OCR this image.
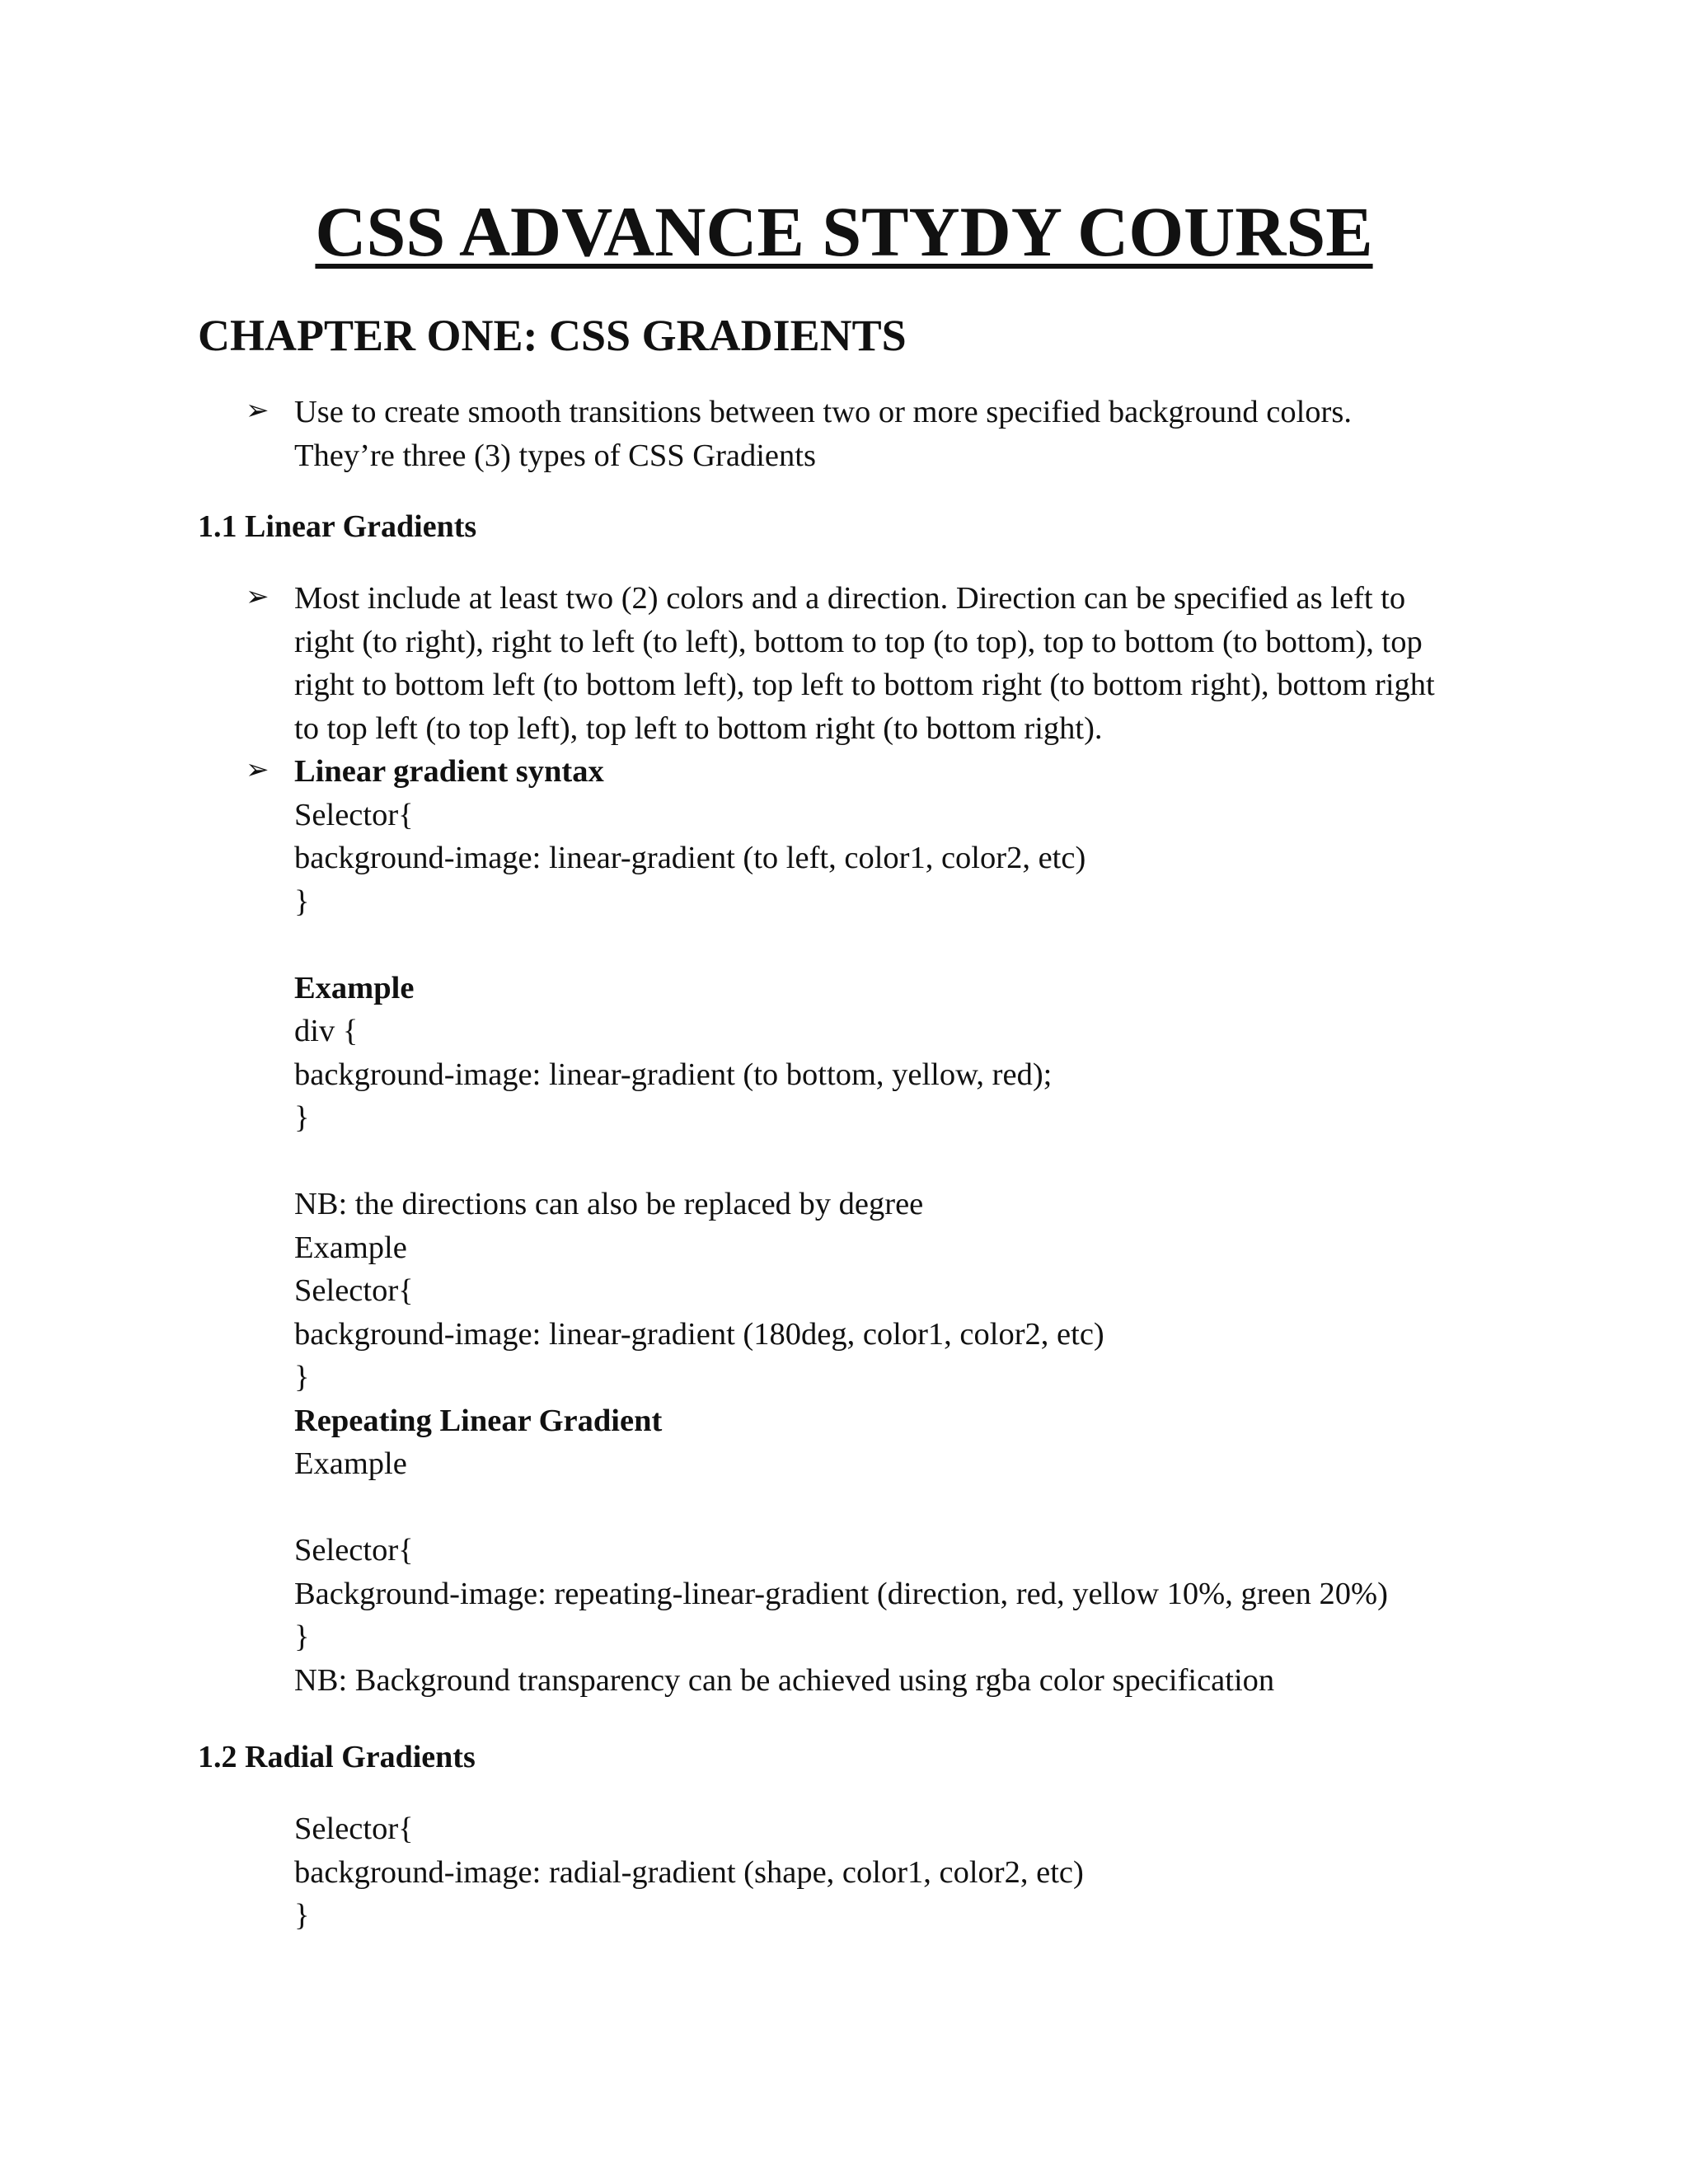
CSS ADVANCE STYDY COURSE
CHAPTER ONE: CSS GRADIENTS
➢ Use to create smooth transitions between two or more specified background colors.
They’re three (3) types of CSS Gradients
1.1 Linear Gradients
➢ Most include at least two (2) colors and a direction. Direction can be specified as left to
right (to right), right to left (to left), bottom to top (to top), top to bottom (to bottom), top
right to bottom left (to bottom left), top left to bottom right (to bottom right), bottom right
to top left (to top left), top left to bottom right (to bottom right).
➢ Linear gradient syntax
Selector{
background-image: linear-gradient (to left, color1, color2, etc)
}
Example
div {
background-image: linear-gradient (to bottom, yellow, red);
}
NB: the directions can also be replaced by degree
Example
Selector{
background-image: linear-gradient (180deg, color1, color2, etc)
}
Repeating Linear Gradient
Example
Selector{
Background-image: repeating-linear-gradient (direction, red, yellow 10%, green 20%)
}
NB: Background transparency can be achieved using rgba color specification
1.2 Radial Gradients
Selector{
background-image: radial-gradient (shape, color1, color2, etc)
}
